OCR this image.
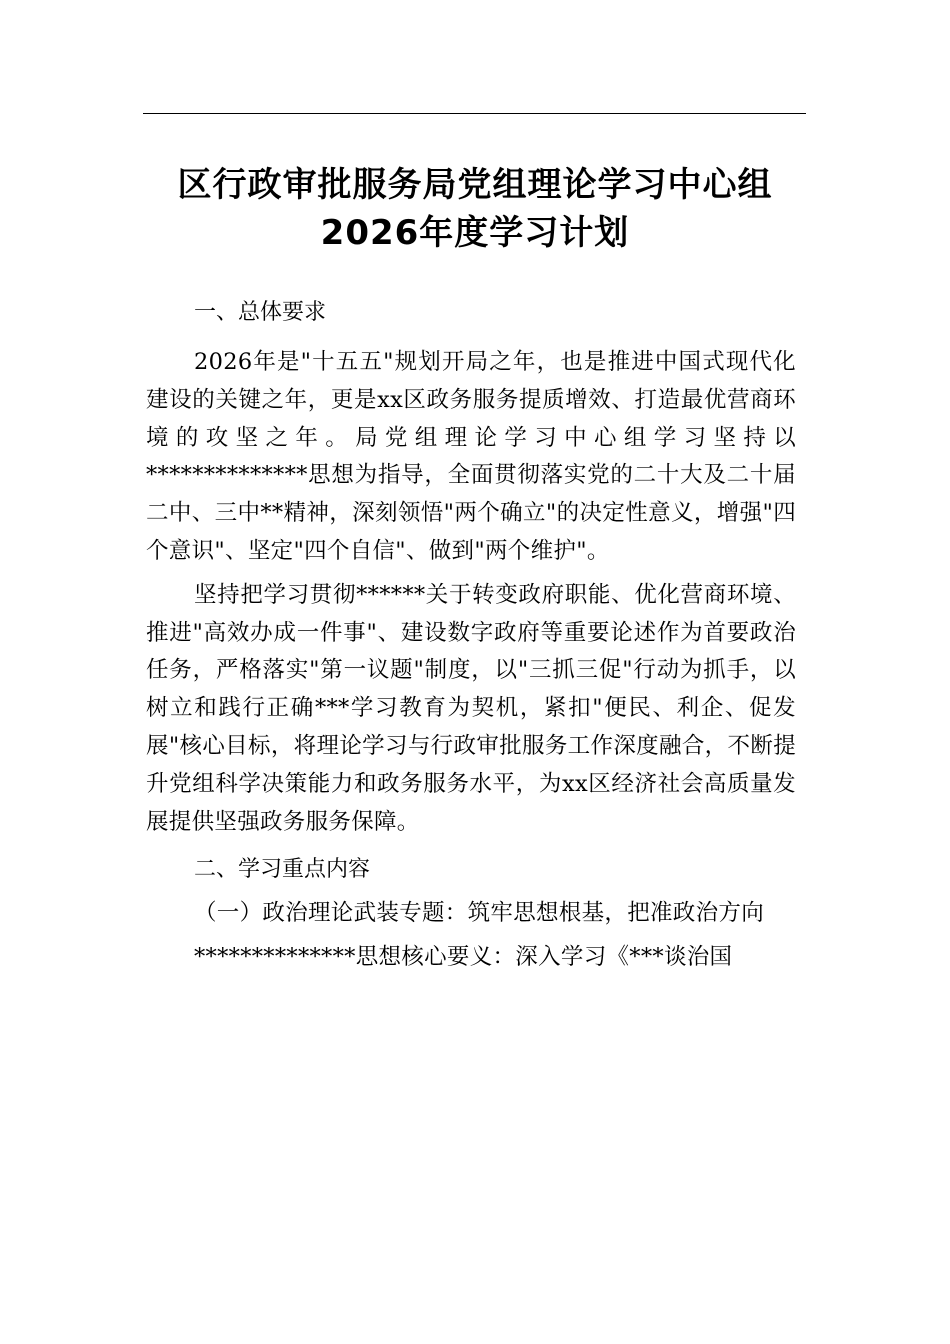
区行政审批服务局党组理论学习中心组
2026年度学习计划

一、总体要求

2026年是"十五五"规划开局之年，也是推进中国式现代化建设的关键之年，更是xx区政务服务提质增效、打造最优营商环境的攻坚之年。局党组理论学习中心组学习坚持以**************思想为指导，全面贯彻落实党的二十大及二十届二中、三中**精神，深刻领悟"两个确立"的决定性意义，增强"四个意识"、坚定"四个自信"、做到"两个维护"。

坚持把学习贯彻******关于转变政府职能、优化营商环境、推进"高效办成一件事"、建设数字政府等重要论述作为首要政治任务，严格落实"第一议题"制度，以"三抓三促"行动为抓手，以树立和践行正确***学习教育为契机，紧扣"便民、利企、促发展"核心目标，将理论学习与行政审批服务工作深度融合，不断提升党组科学决策能力和政务服务水平，为xx区经济社会高质量发展提供坚强政务服务保障。

二、学习重点内容

（一）政治理论武装专题：筑牢思想根基，把准政治方向

**************思想核心要义：深入学习《***谈治国
